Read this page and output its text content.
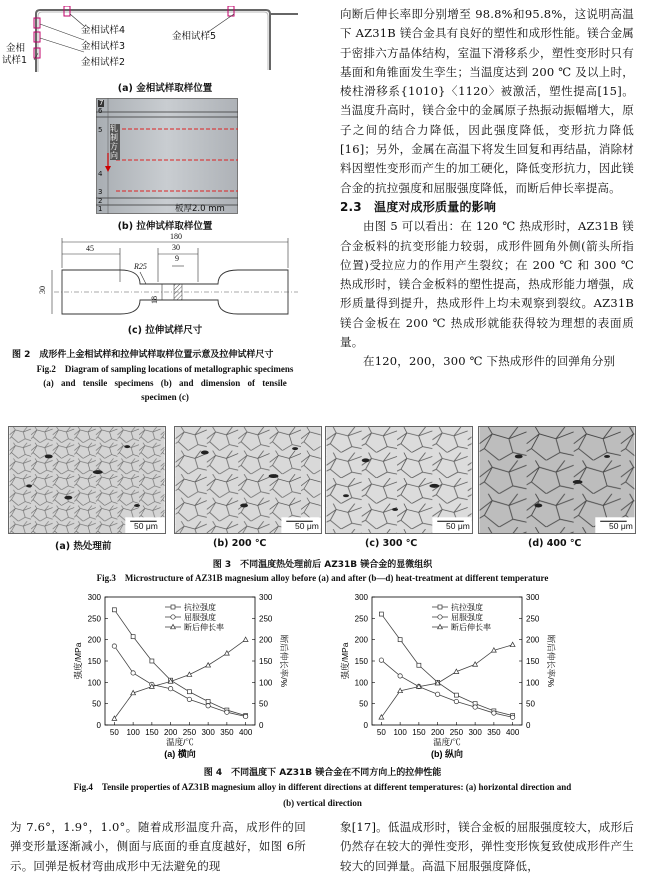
金相试样4
金相试样3
金相试样2
金相
试样1
金相试样5
(a) 金相试样取样位置
7
6
5
4
3
2
1
轧制方向
板厚2.0 mm
(b) 拉伸试样取样位置
180
45	30
9
R25
30
18
(c) 拉伸试样尺寸
图 2　成形件上金相试样和拉伸试样取样位置示意及拉伸试样尺寸
Fig.2　Diagram of sampling locations of metallographic specimens
(a) and tensile specimens (b) and dimension of tensile
specimen (c)

向断后伸长率即分别增至 98.8%和95.8%，这说明高温下 AZ31B 镁合金具有良好的塑性和成形性能。镁合金属于密排六方晶体结构，室温下滑移系少，塑性变形时只有基面和角锥面发生孪生；当温度达到 200 ℃ 及以上时，棱柱滑移系{1010}〈1120〉被激活，塑性提高[15]。当温度升高时，镁合金中的金属原子热振动振幅增大，原子之间的结合力降低，因此强度降低，变形抗力降低[16]；另外，金属在高温下将发生回复和再结晶，消除材料因塑性变形而产生的加工硬化，降低变形抗力，因此镁合金的抗拉强度和屈服强度降低，而断后伸长率提高。

2.3　温度对成形质量的影响

由图 5 可以看出：在 120 ℃ 热成形时，AZ31B 镁合金板料的抗变形能力较弱，成形件圆角外侧(箭头所指位置)受拉应力的作用产生裂纹；在 200 ℃ 和 300 ℃ 热成形时，镁合金板料的塑性提高，热成形能力增强，成形质量得到提升，热成形件上均未观察到裂纹。AZ31B 镁合金板在 200 ℃ 热成形就能获得较为理想的表面质量。

在120，200，300 ℃ 下热成形件的回弹角分别

50 μm	50 μm	50 μm	50 μm
(a) 热处理前	(b) 200 ℃	(c) 300 ℃	(d) 400 ℃
图 3　不同温度热处理前后 AZ31B 镁合金的显微组织
Fig.3　Microstructure of AZ31B magnesium alloy before (a) and after (b—d) heat-treatment at different temperature
0	0
50	50
100	100
150	150
200	200
250	250
300	300
50 100 150 200 250 300 350 400
温度/℃
强度/MPa	断后伸长率/%
(a) 横向
抗拉强度
屈服强度
断后伸长率
0	0
50	50
100	100
150	150
200	200
250	250
300	300
50 100 150 200 250 300 350 400
温度/℃
强度/MPa	断后伸长率/%
(b) 纵向
抗拉强度
屈服强度
断后伸长率
图 4　不同温度下 AZ31B 镁合金在不同方向上的拉伸性能
Fig.4　Tensile properties of AZ31B magnesium alloy in different directions at different temperatures: (a) horizontal direction and
(b) vertical direction
为 7.6°，1.9°，1.0°。随着成形温度升高，成形件的回弹变形量逐渐减小，侧面与底面的垂直度越好，如图 6所示。回弹是板材弯曲成形中无法避免的现
象[17]。低温成形时，镁合金板的屈服强度较大，成形后仍然存在较大的弹性变形，弹性变形恢复致使成形件产生较大的回弹量。高温下屈服强度降低，
